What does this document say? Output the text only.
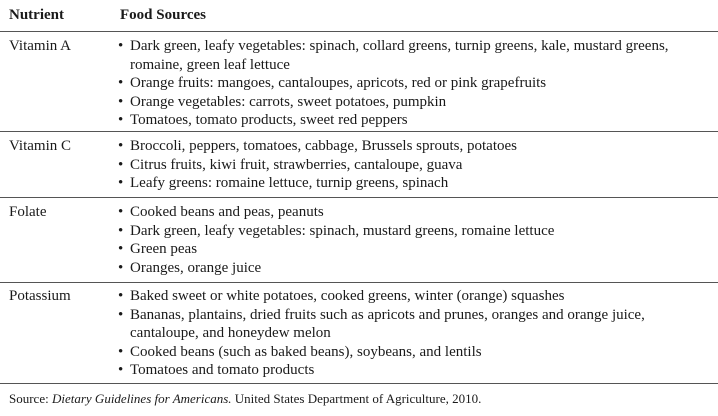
Nutrient	Food Sources
Vitamin A	• Dark green, leafy vegetables: spinach, collard greens, turnip greens, kale, mustard greens, romaine, green leaf lettuce
• Orange fruits: mangoes, cantaloupes, apricots, red or pink grapefruits
• Orange vegetables: carrots, sweet potatoes, pumpkin
• Tomatoes, tomato products, sweet red peppers
Vitamin C	• Broccoli, peppers, tomatoes, cabbage, Brussels sprouts, potatoes
• Citrus fruits, kiwi fruit, strawberries, cantaloupe, guava
• Leafy greens: romaine lettuce, turnip greens, spinach
Folate	• Cooked beans and peas, peanuts
• Dark green, leafy vegetables: spinach, mustard greens, romaine lettuce
• Green peas
• Oranges, orange juice
Potassium	• Baked sweet or white potatoes, cooked greens, winter (orange) squashes
• Bananas, plantains, dried fruits such as apricots and prunes, oranges and orange juice, cantaloupe, and honeydew melon
• Cooked beans (such as baked beans), soybeans, and lentils
• Tomatoes and tomato products
Source: Dietary Guidelines for Americans. United States Department of Agriculture, 2010.
